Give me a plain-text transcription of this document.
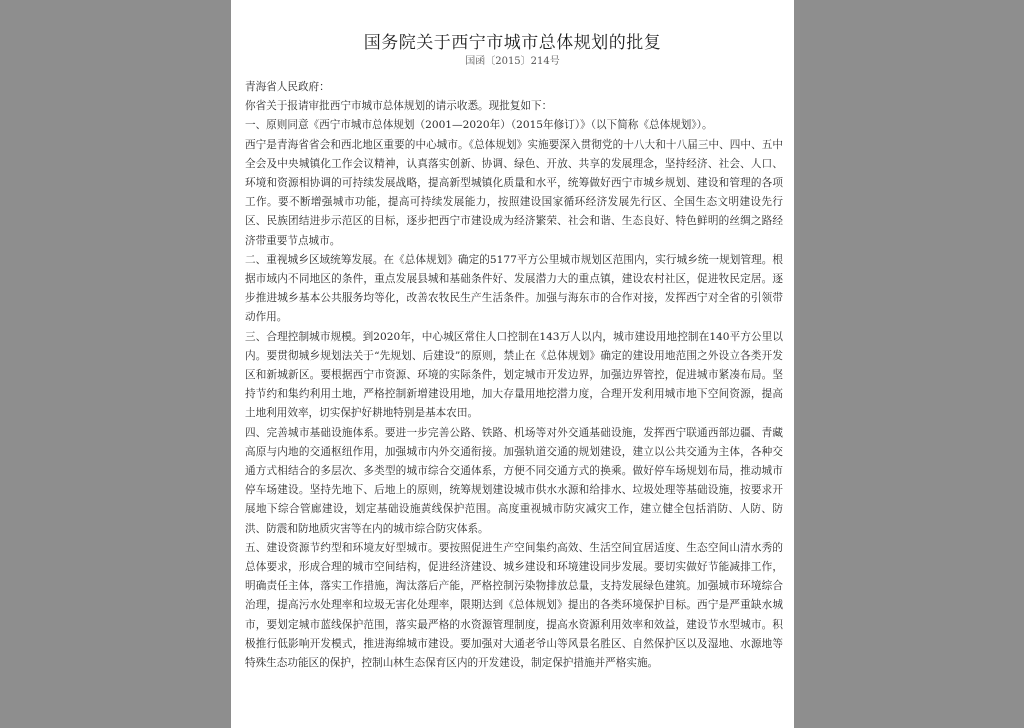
国务院关于西宁市城市总体规划的批复
国函〔2015〕214号

青海省人民政府：

你省关于报请审批西宁市城市总体规划的请示收悉。现批复如下：

一、原则同意《西宁市城市总体规划（2001—2020年）（2015年修订）》（以下简称《总体规划》）。

西宁是青海省省会和西北地区重要的中心城市。《总体规划》实施要深入贯彻党的十八大和十八届三中、四中、五中全会及中央城镇化工作会议精神，认真落实创新、协调、绿色、开放、共享的发展理念，坚持经济、社会、人口、环境和资源相协调的可持续发展战略，提高新型城镇化质量和水平，统筹做好西宁市城乡规划、建设和管理的各项工作。要不断增强城市功能，提高可持续发展能力，按照建设国家循环经济发展先行区、全国生态文明建设先行区、民族团结进步示范区的目标，逐步把西宁市建设成为经济繁荣、社会和谐、生态良好、特色鲜明的丝绸之路经济带重要节点城市。

二、重视城乡区域统筹发展。在《总体规划》确定的5177平方公里城市规划区范围内，实行城乡统一规划管理。根据市域内不同地区的条件，重点发展县城和基础条件好、发展潜力大的重点镇，建设农村社区，促进牧民定居。逐步推进城乡基本公共服务均等化，改善农牧民生产生活条件。加强与海东市的合作对接，发挥西宁对全省的引领带动作用。

三、合理控制城市规模。到2020年，中心城区常住人口控制在143万人以内，城市建设用地控制在140平方公里以内。要贯彻城乡规划法关于“先规划、后建设”的原则，禁止在《总体规划》确定的建设用地范围之外设立各类开发区和新城新区。要根据西宁市资源、环境的实际条件，划定城市开发边界，加强边界管控，促进城市紧凑布局。坚持节约和集约利用土地，严格控制新增建设用地，加大存量用地挖潜力度，合理开发利用城市地下空间资源，提高土地利用效率，切实保护好耕地特别是基本农田。

四、完善城市基础设施体系。要进一步完善公路、铁路、机场等对外交通基础设施，发挥西宁联通西部边疆、青藏高原与内地的交通枢纽作用，加强城市内外交通衔接。加强轨道交通的规划建设，建立以公共交通为主体，各种交通方式相结合的多层次、多类型的城市综合交通体系，方便不同交通方式的换乘。做好停车场规划布局，推动城市停车场建设。坚持先地下、后地上的原则，统筹规划建设城市供水水源和给排水、垃圾处理等基础设施，按要求开展地下综合管廊建设，划定基础设施黄线保护范围。高度重视城市防灾减灾工作，建立健全包括消防、人防、防洪、防震和防地质灾害等在内的城市综合防灾体系。

五、建设资源节约型和环境友好型城市。要按照促进生产空间集约高效、生活空间宜居适度、生态空间山清水秀的总体要求，形成合理的城市空间结构，促进经济建设、城乡建设和环境建设同步发展。要切实做好节能减排工作，明确责任主体，落实工作措施，淘汰落后产能，严格控制污染物排放总量，支持发展绿色建筑。加强城市环境综合治理，提高污水处理率和垃圾无害化处理率，限期达到《总体规划》提出的各类环境保护目标。西宁是严重缺水城市，要划定城市蓝线保护范围，落实最严格的水资源管理制度，提高水资源利用效率和效益，建设节水型城市。积极推行低影响开发模式，推进海绵城市建设。要加强对大通老爷山等风景名胜区、自然保护区以及湿地、水源地等特殊生态功能区的保护，控制山林生态保育区内的开发建设，制定保护措施并严格实施。
